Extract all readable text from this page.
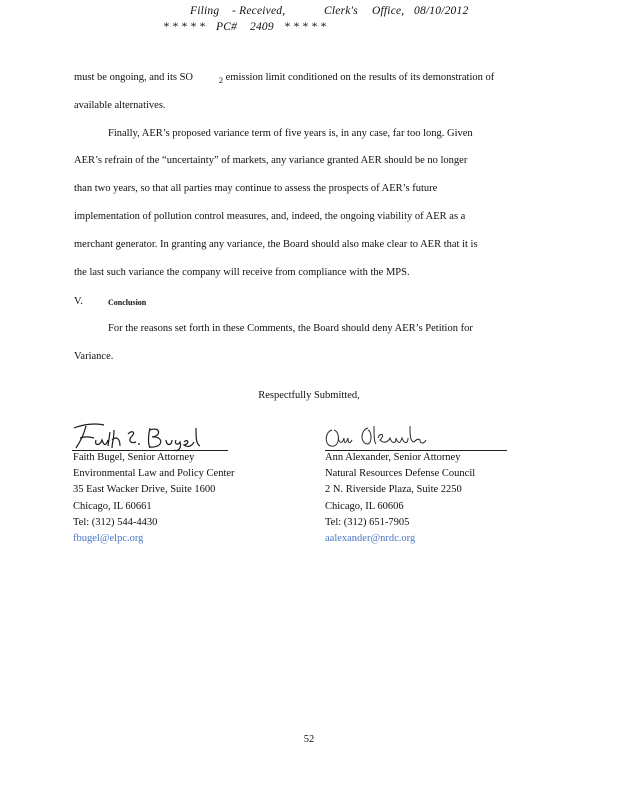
Filing - Received,	Clerk's Office, 08/10/2012
* * * * * PC# 2409 * * * * *
must be ongoing, and its SO	$_2$ emission limit conditioned on the results of its demonstration of
available alternatives.
Finally, AER’s proposed variance term of five years is, in any case, far too long. Given
AER’s refrain of the “uncertainty” of markets, any variance granted AER should be no longer
than two years, so that all parties may continue to assess the prospects of AER’s future
implementation of pollution control measures, and, indeed, the ongoing viability of AER as a
merchant generator. In granting any variance, the Board should also make clear to AER that it is
the last such variance the company will receive from compliance with the MPS.
V.	Conclusion
For the reasons set forth in these Comments, the Board should deny AER’s Petition for
Variance.
Respectfully Submitted,
Faith Bugel, Senior Attorney
Environmental Law and Policy Center
35 East Wacker Drive, Suite 1600
Chicago, IL 60661
Tel: (312) 544-4430
fbugel@elpc.org
Ann Alexander, Senior Attorney
Natural Resources Defense Council
2 N. Riverside Plaza, Suite 2250
Chicago, IL 60606
Tel: (312) 651-7905
aalexander@nrdc.org
52
